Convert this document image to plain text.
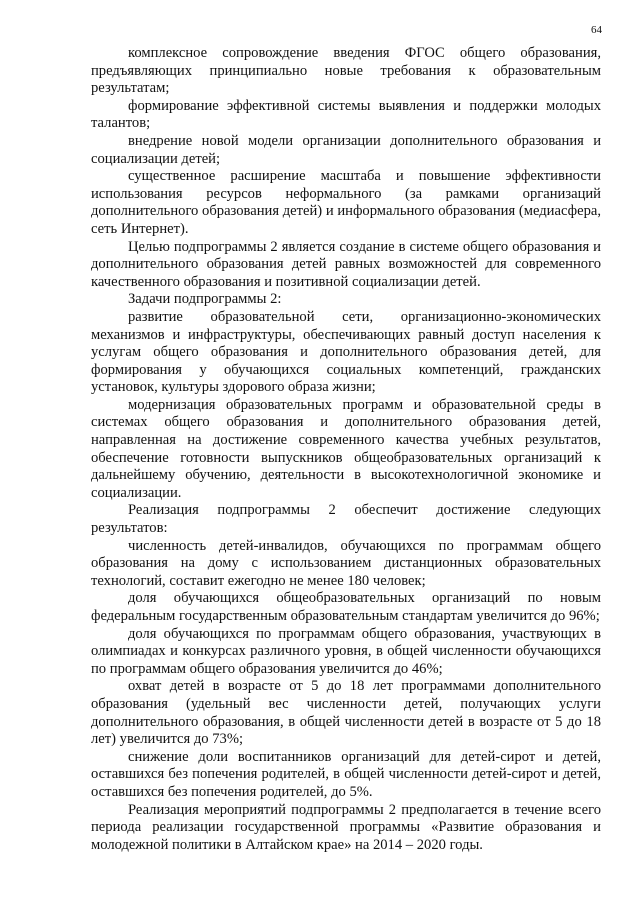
64

комплексное сопровождение введения ФГОС общего образования, предъявляющих принципиально новые требования к образовательным результатам;

формирование эффективной системы выявления и поддержки молодых талантов;

внедрение новой модели организации дополнительного образования и социализации детей;

существенное расширение масштаба и повышение эффективности использования ресурсов неформального (за рамками организаций дополнительного образования детей) и информального образования (медиасфера, сеть Интернет).

Целью подпрограммы 2 является создание в системе общего образования и дополнительного образования детей равных возможностей для современного качественного образования и позитивной социализации детей.

Задачи подпрограммы 2:

развитие образовательной сети, организационно-экономических механизмов и инфраструктуры, обеспечивающих равный доступ населения к услугам общего образования и дополнительного образования детей, для формирования у обучающихся социальных компетенций, гражданских установок, культуры здорового образа жизни;

модернизация образовательных программ и образовательной среды в системах общего образования и дополнительного образования детей, направленная на достижение современного качества учебных результатов, обеспечение готовности выпускников общеобразовательных организаций к дальнейшему обучению, деятельности в высокотехнологичной экономике и социализации.

Реализация подпрограммы 2 обеспечит достижение следующих результатов:

численность детей-инвалидов, обучающихся по программам общего образования на дому с использованием дистанционных образовательных технологий, составит ежегодно не менее 180 человек;

доля обучающихся общеобразовательных организаций по новым федеральным государственным образовательным стандартам увеличится до 96%;

доля обучающихся по программам общего образования, участвующих в олимпиадах и конкурсах различного уровня, в общей численности обучающихся по программам общего образования увеличится до 46%;

охват детей в возрасте от 5 до 18 лет программами дополнительного образования (удельный вес численности детей, получающих услуги дополнительного образования, в общей численности детей в возрасте от 5 до 18 лет) увеличится до 73%;

снижение доли воспитанников организаций для детей-сирот и детей, оставшихся без попечения родителей, в общей численности детей-сирот и детей, оставшихся без попечения родителей, до 5%.

Реализация мероприятий подпрограммы 2 предполагается в течение всего периода реализации государственной программы «Развитие образования и молодежной политики в Алтайском крае» на 2014 – 2020 годы.
